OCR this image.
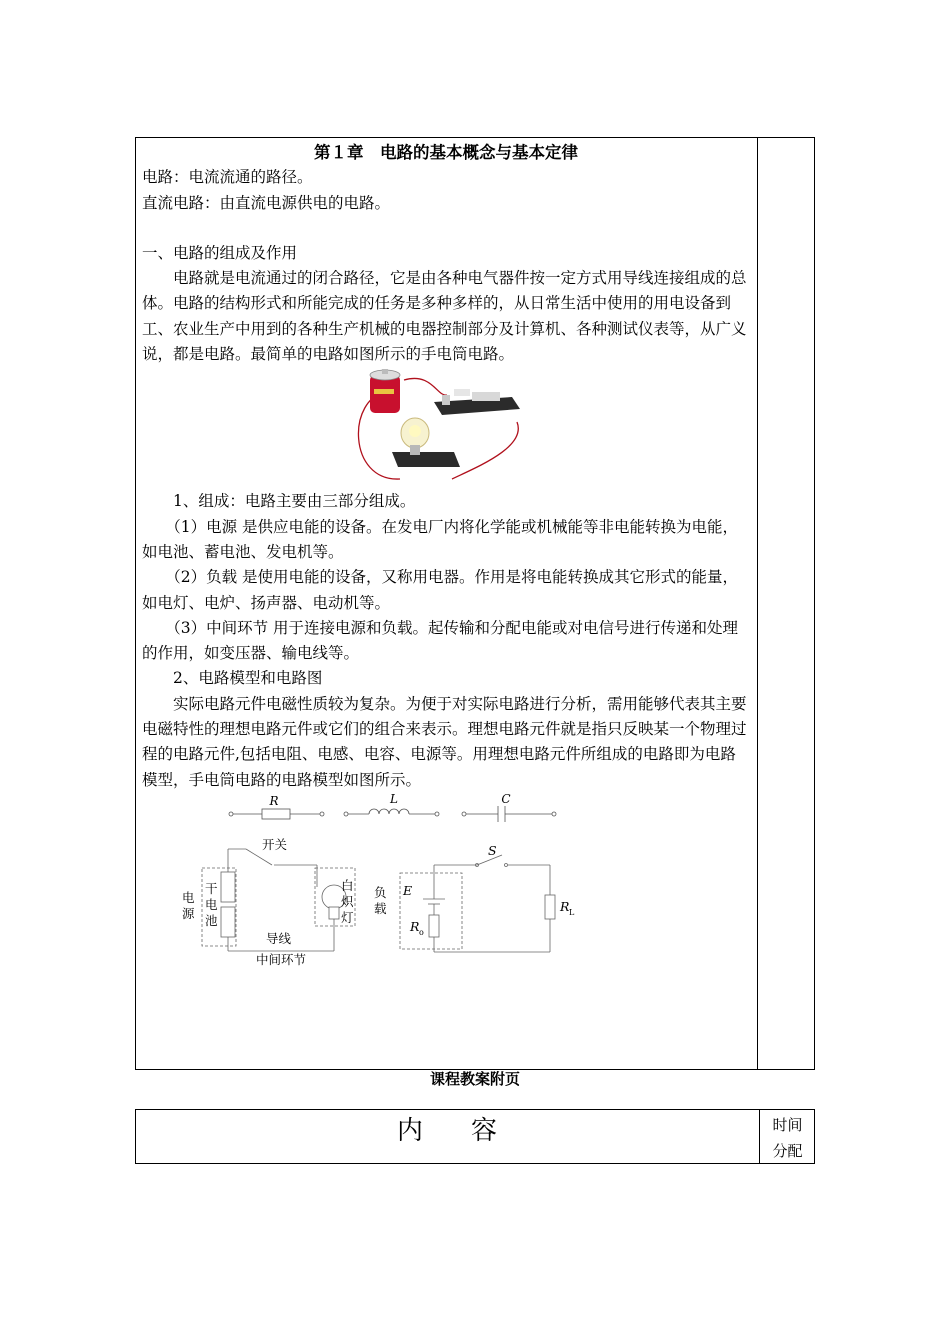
第１章　电路的基本概念与基本定律

电路：电流流通的路径。

直流电路：由直流电源供电的电路。

一、电路的组成及作用

电路就是电流通过的闭合路径，它是由各种电气器件按一定方式用导线连接组成的总体。电路的结构形式和所能完成的任务是多种多样的，从日常生活中使用的用电设备到工、农业生产中用到的各种生产机械的电器控制部分及计算机、各种测试仪表等，从广义说，都是电路。最简单的电路如图所示的手电筒电路。

1、组成：电路主要由三部分组成。

（1）电源 是供应电能的设备。在发电厂内将化学能或机械能等非电能转换为电能，如电池、蓄电池、发电机等。

（2）负载 是使用电能的设备，又称用电器。作用是将电能转换成其它形式的能量，如电灯、电炉、扬声器、电动机等。

（3）中间环节 用于连接电源和负载。起传输和分配电能或对电信号进行传递和处理的作用，如变压器、输电线等。

2、电路模型和电路图

实际电路元件电磁性质较为复杂。为便于对实际电路进行分析，需用能够代表其主要电磁特性的理想电路元件或它们的组合来表示。理想电路元件就是指只反映某一个物理过程的电路元件,包括电阻、电感、电容、电源等。用理想电路元件所组成的电路即为电路模型，手电筒电路的电路模型如图所示。

R	L	C
开关
电
源
干
电
池
白
炽
灯
负
载
导线
中间环节
S
E
R o
R L
课程教案附页
内容	时间
分配
